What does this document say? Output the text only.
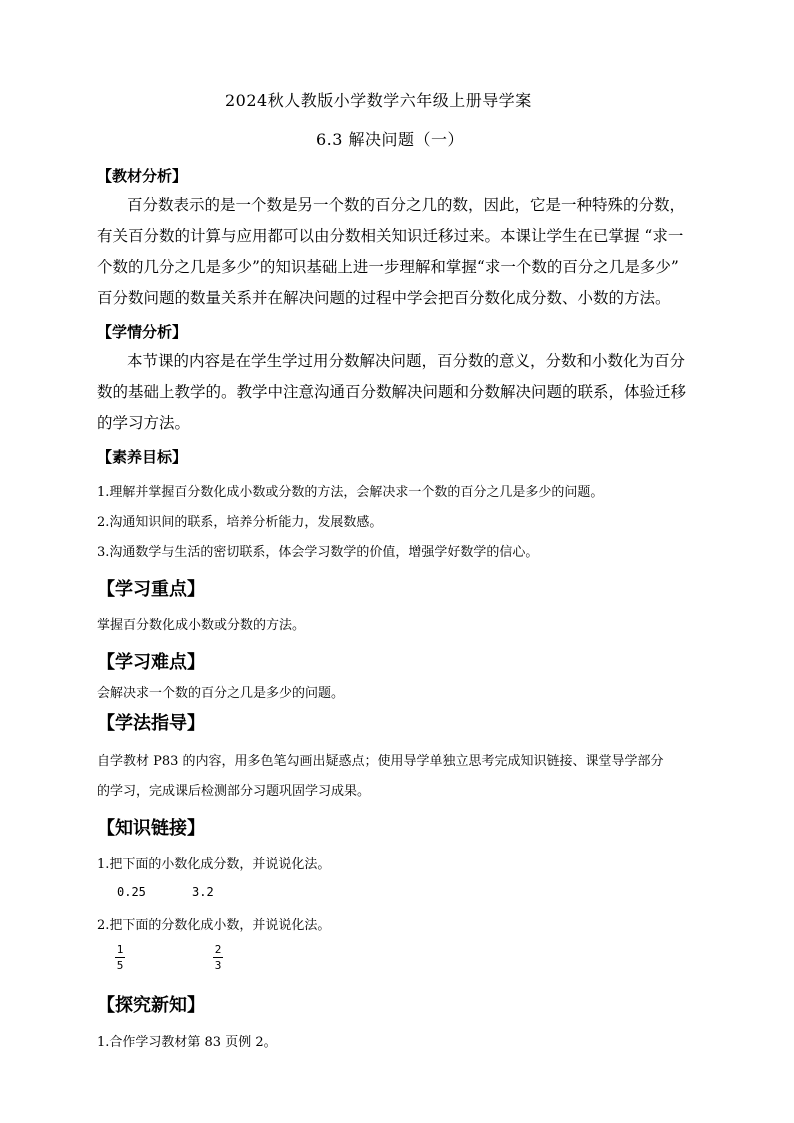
2024秋人教版小学数学六年级上册导学案
6.3 解决问题（一）
【教材分析】
百分数表示的是一个数是另一个数的百分之几的数，因此，它是一种特殊的分数，
有关百分数的计算与应用都可以由分数相关知识迁移过来。本课让学生在已掌握 “求一
个数的几分之几是多少”的知识基础上进一步理解和掌握“求一个数的百分之几是多少”
百分数问题的数量关系并在解决问题的过程中学会把百分数化成分数、小数的方法。
【学情分析】
本节课的内容是在学生学过用分数解决问题，百分数的意义，分数和小数化为百分
数的基础上教学的。教学中注意沟通百分数解决问题和分数解决问题的联系，体验迁移
的学习方法。
【素养目标】
1.理解并掌握百分数化成小数或分数的方法，会解决求一个数的百分之几是多少的问题。
2.沟通知识间的联系，培养分析能力，发展数感。
3.沟通数学与生活的密切联系，体会学习数学的价值，增强学好数学的信心。
【学习重点】
掌握百分数化成小数或分数的方法。
【学习难点】
会解决求一个数的百分之几是多少的问题。
【学法指导】
自学教材 P83 的内容，用多色笔勾画出疑惑点；使用导学单独立思考完成知识链接、课堂导学部分
的学习，完成课后检测部分习题巩固学习成果。
【知识链接】
1.把下面的小数化成分数，并说说化法。
0.25	3.2
2.把下面的分数化成小数，并说说化法。
1
5
2
3
【探究新知】
1.合作学习教材第 83 页例 2。
